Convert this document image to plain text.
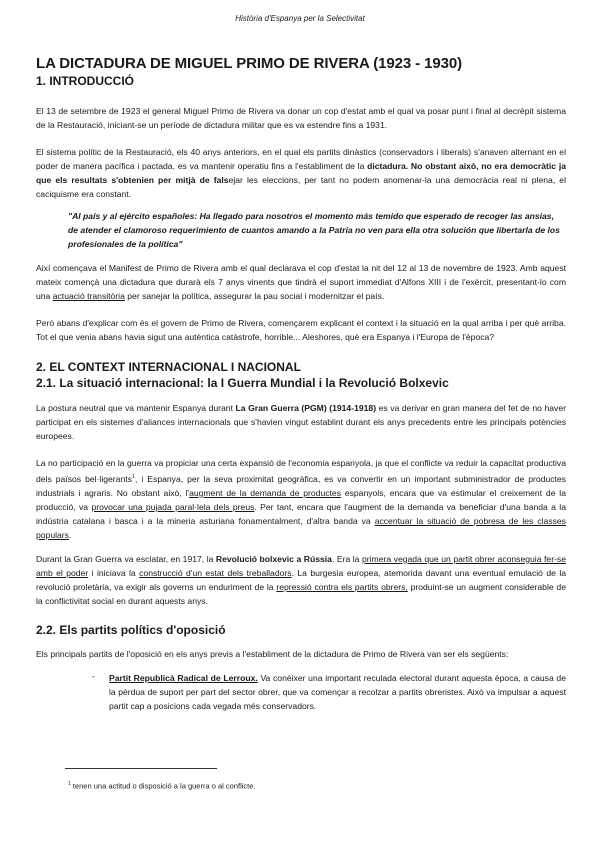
Història d'Espanya per la Selectivitat
LA DICTADURA DE MIGUEL PRIMO DE RIVERA (1923 - 1930)
1. INTRODUCCIÓ

El 13 de setembre de 1923 el general Miguel Primo de Rivera va donar un cop d'estat amb el qual va posar punt i final al decrèpit sistema de la Restauració, iniciant-se un període de dictadura militar que es va estendre fins a 1931.

El sistema polític de la Restauració, els 40 anys anteriors, en el qual els partits dinàstics (conservadors i liberals) s'anaven alternant en el poder de manera pacífica i pactada, es va mantenir operatiu fins a l'establiment de la dictadura. No obstant això, no era democràtic ja que els resultats s'obtenien per mitjà de falsejar les eleccions, per tant no podem anomenar-la una democràcia real ni plena, el caciquisme era constant.

"Al país y al ejército españoles: Ha llegado para nosotros el momento más temido que esperado de recoger las ansias, de atender el clamoroso requerimiento de cuantos amando a la Patria no ven para ella otra solución que libertarla de los profesionales de la política"

Així començava el Manifest de Primo de Rivera amb el qual declarava el cop d'estat la nit del 12 al 13 de novembre de 1923. Amb aquest mateix començà una dictadura que durarà els 7 anys vinents que tindrà el suport immediat d'Alfons XIII i de l'exèrcit, presentant-lo com una actuació transitòria per sanejar la política, assegurar la pau social i modernitzar el país.

Però abans d'explicar com és el govern de Primo de Rivera, començarem explicant el context i la situació en la qual arriba i per què arriba. Tot el que venia abans havia sigut una autèntica catàstrofe, horrible... Aleshores, què era Espanya i l'Europa de l'època?

2. EL CONTEXT INTERNACIONAL I NACIONAL
2.1. La situació internacional: la I Guerra Mundial i la Revolució Bolxevic

La postura neutral que va mantenir Espanya durant La Gran Guerra (PGM) (1914-1918) es va derivar en gran manera del fet de no haver participat en els sistemes d'aliances internacionals que s'havien vingut establint durant els anys precedents entre les principals potències europees.

La no participació en la guerra va propiciar una certa expansió de l'economia espanyola, ja que el conflicte va reduir la capacitat productiva dels països bel·ligerants$^1$, i Espanya, per la seva proximitat geogràfica, es va convertir en un important subministrador de productes industrials i agraris. No obstant això, l'augment de la demanda de productes espanyols, encara que va estimular el creixement de la producció, va provocar una pujada paral·lela dels preus. Per tant, encara que l'augment de la demanda va beneficiar d'una banda a la indústria catalana i basca i a la mineria asturiana fonamentalment, d'altra banda va accentuar la situació de pobresa de les classes populars.

Durant la Gran Guerra va esclatar, en 1917, la Revolució bolxevic a Rússia. Era la primera vegada que un partit obrer aconseguia fer-se amb el poder i iniciava la construcció d'un estat dels treballadors. La burgesia europea, atemorida davant una eventual emulació de la revolució proletària, va exigir als governs un enduriment de la repressió contra els partits obrers, produint-se un augment considerable de la conflictivitat social en durant aquests anys.

2.2. Els partits polítics d'oposició

Els principals partits de l'oposició en els anys previs a l'establiment de la dictadura de Primo de Rivera van ser els següents:

- Partit Republicà Radical de Lerroux. Va conèixer una important reculada electoral durant aquesta època, a causa de la pèrdua de suport per part del sector obrer, que va començar a recolzar a partits obreristes. Això va impulsar a aquest partit cap a posicions cada vegada més conservadors.

$^1$ tenen una actitud o disposició a la guerra o al conflicte.
